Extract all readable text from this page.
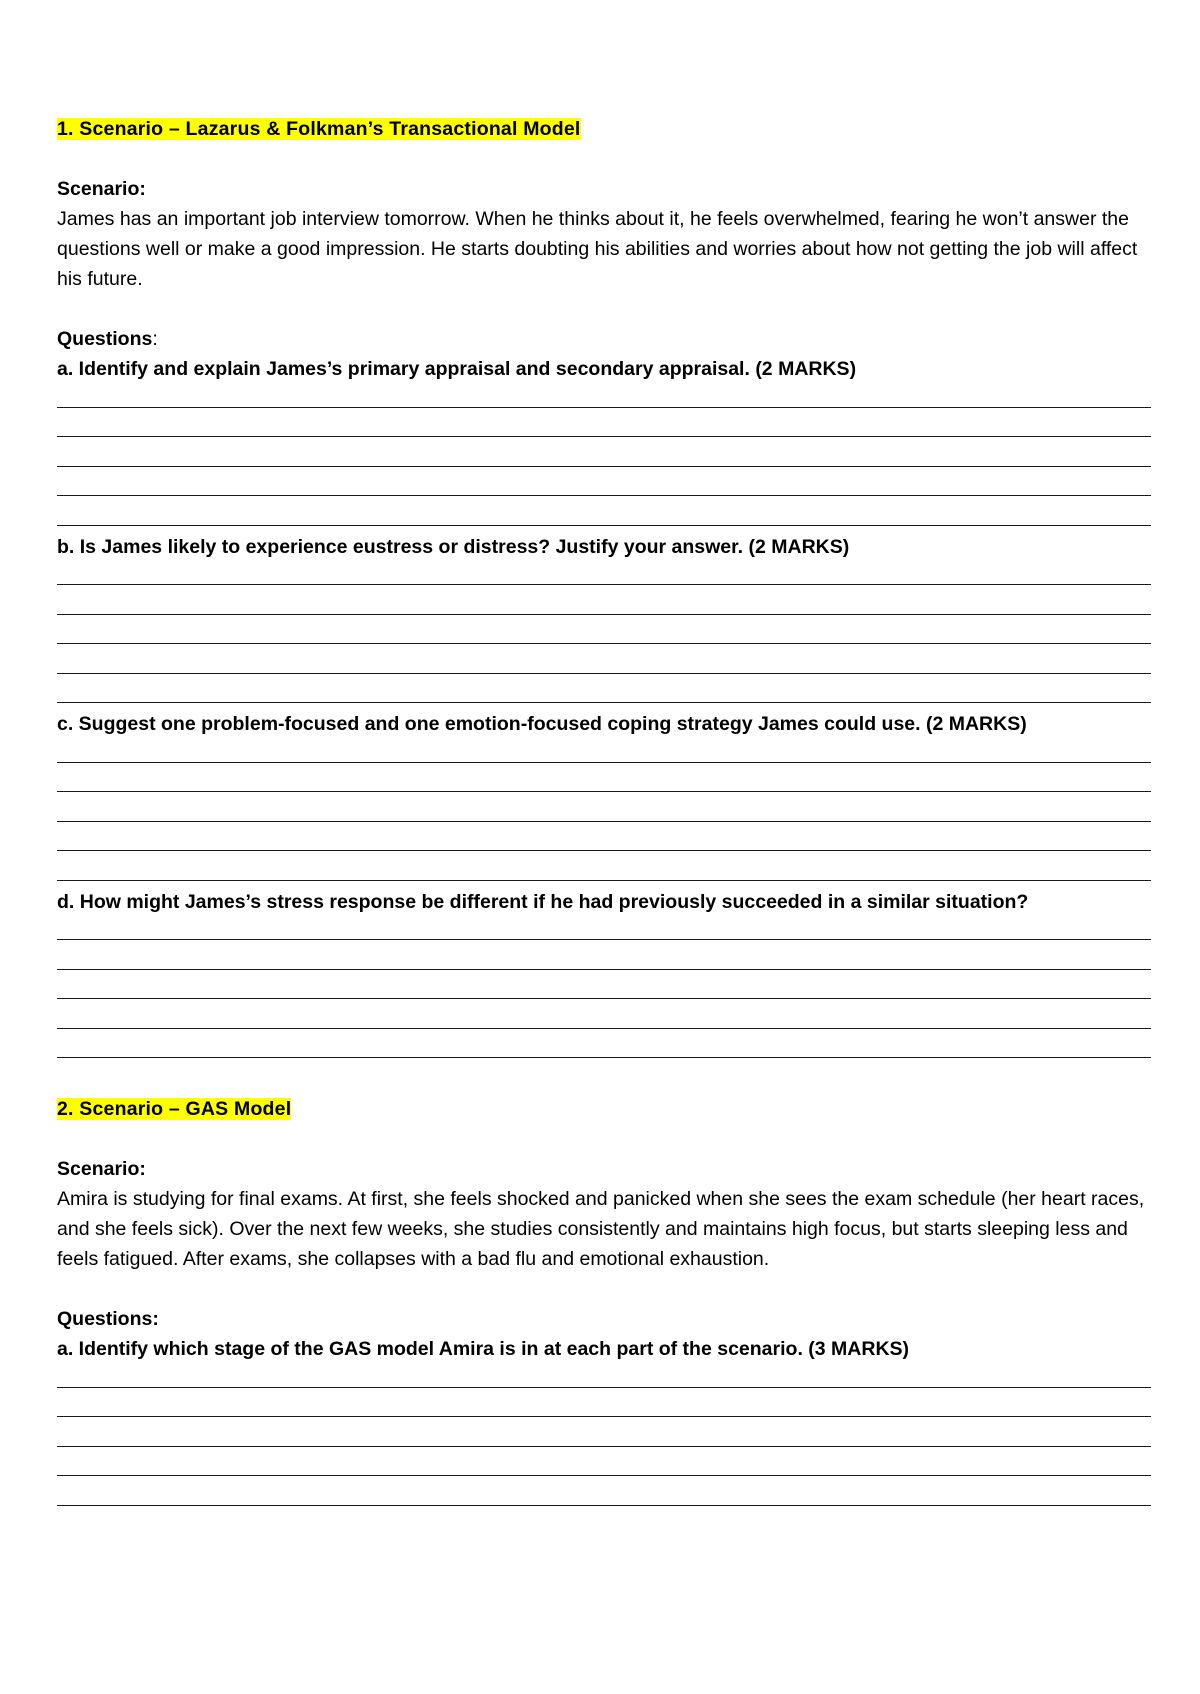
1. Scenario – Lazarus & Folkman’s Transactional Model

Scenario:

James has an important job interview tomorrow. When he thinks about it, he feels overwhelmed, fearing he won’t answer the questions well or make a good impression. He starts doubting his abilities and worries about how not getting the job will affect his future.

Questions:

a. Identify and explain James’s primary appraisal and secondary appraisal. (2 MARKS)

b. Is James likely to experience eustress or distress? Justify your answer. (2 MARKS)

c. Suggest one problem-focused and one emotion-focused coping strategy James could use. (2 MARKS)

d. How might James’s stress response be different if he had previously succeeded in a similar situation?

2. Scenario – GAS Model

Scenario:

Amira is studying for final exams. At first, she feels shocked and panicked when she sees the exam schedule (her heart races, and she feels sick). Over the next few weeks, she studies consistently and maintains high focus, but starts sleeping less and feels fatigued. After exams, she collapses with a bad flu and emotional exhaustion.

Questions:

a. Identify which stage of the GAS model Amira is in at each part of the scenario. (3 MARKS)
